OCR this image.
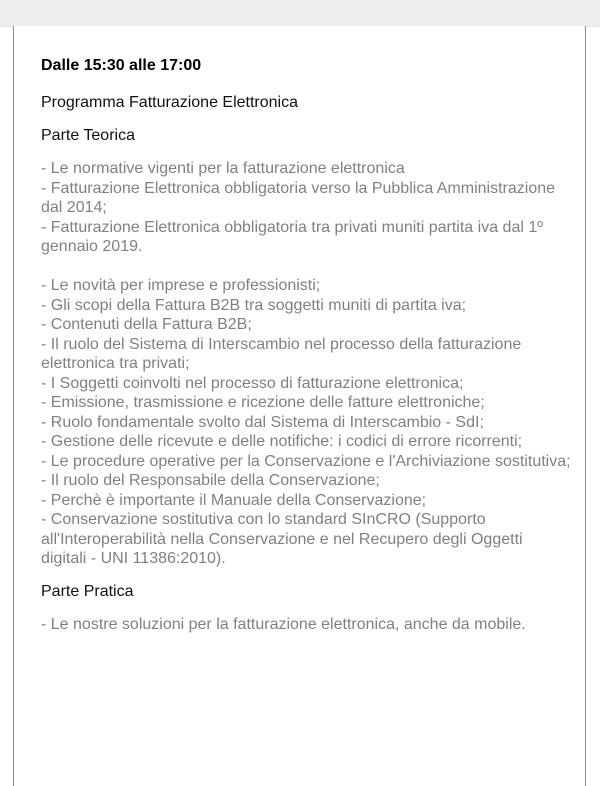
Dalle 15:30 alle 17:00
Programma Fatturazione Elettronica
Parte Teorica
- Le normative vigenti per la fatturazione elettronica
- Fatturazione Elettronica obbligatoria verso la Pubblica Amministrazione dal 2014;
- Fatturazione Elettronica obbligatoria tra privati muniti partita iva dal 1º gennaio 2019.
- Le novità per imprese e professionisti;
- Gli scopi della Fattura B2B tra soggetti muniti di partita iva;
- Contenuti della Fattura B2B;
- Il ruolo del Sistema di Interscambio nel processo della fatturazione elettronica tra privati;
- I Soggetti coinvolti nel processo di fatturazione elettronica;
- Emissione, trasmissione e ricezione delle fatture elettroniche;
- Ruolo fondamentale svolto dal Sistema di Interscambio - SdI;
- Gestione delle ricevute e delle notifiche: i codici di errore ricorrenti;
- Le procedure operative per la Conservazione e l'Archiviazione sostitutiva;
- Il ruolo del Responsabile della Conservazione;
- Perchè è importante il Manuale della Conservazione;
- Conservazione sostitutiva con lo standard SInCRO (Supporto all'Interoperabilità nella Conservazione e nel Recupero degli Oggetti digitali - UNI 11386:2010).
Parte Pratica
- Le nostre soluzioni per la fatturazione elettronica, anche da mobile.
